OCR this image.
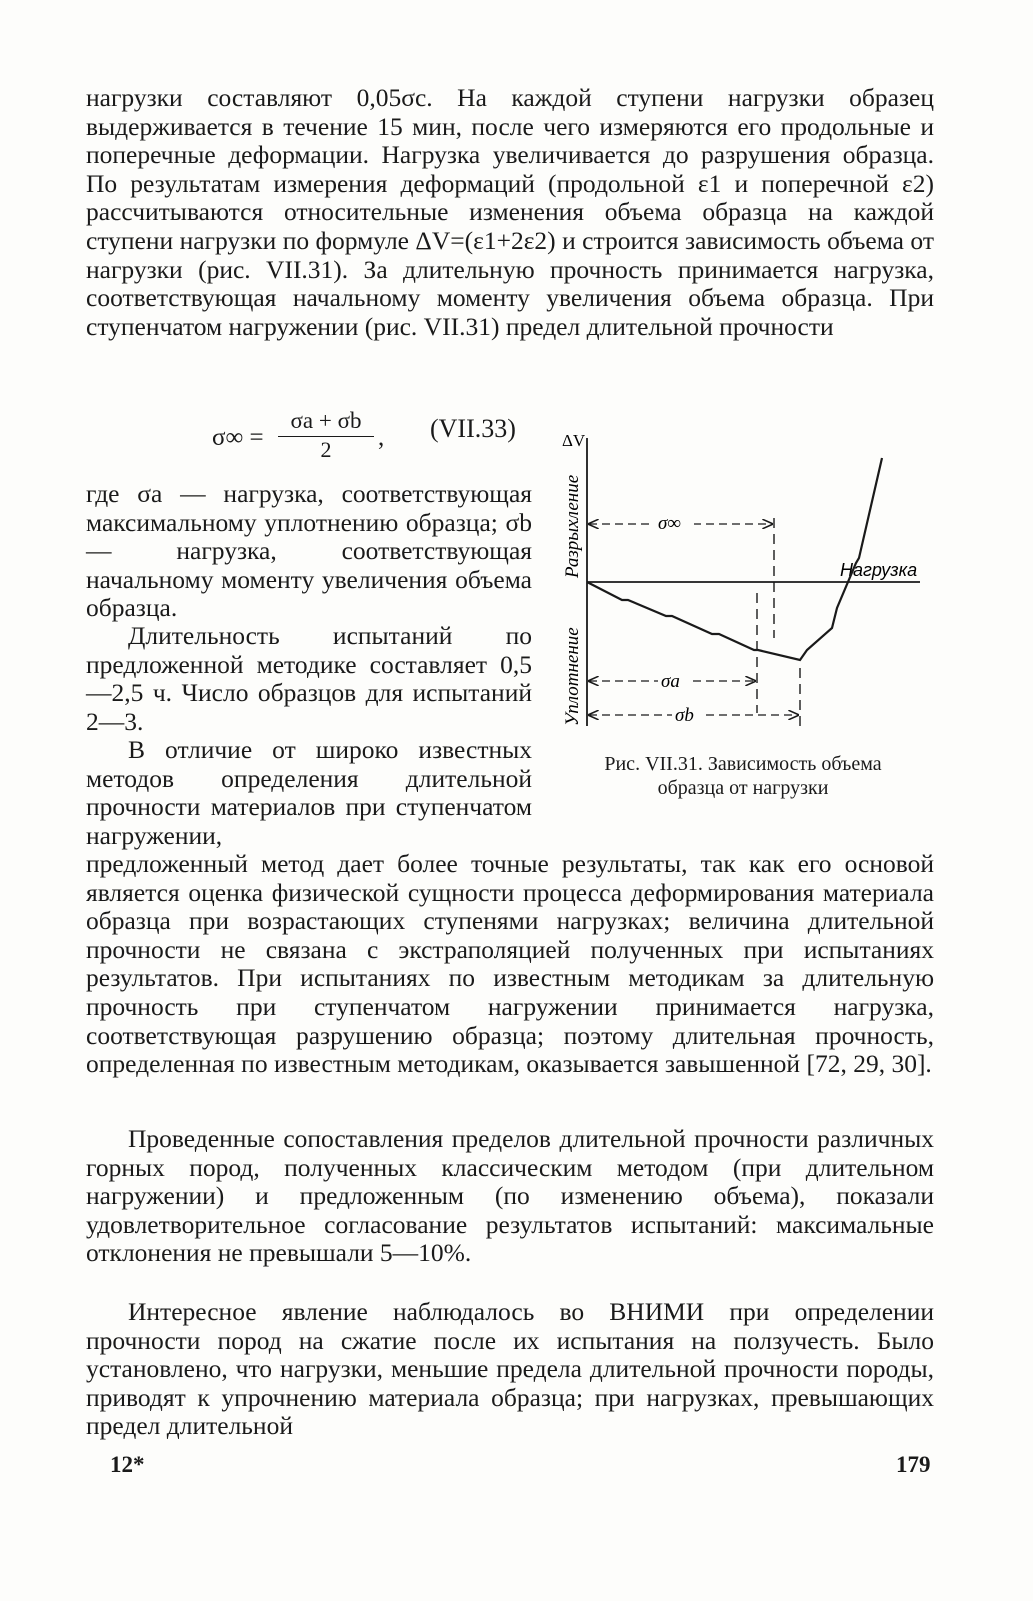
нагрузки составляют 0,05σc. На каждой ступени нагрузки образец выдерживается в течение 15 мин, после чего измеряются его продольные и поперечные деформации. Нагрузка увеличивается до разрушения образца. По результатам измерения деформаций (продольной ε1 и поперечной ε2) рассчитываются относительные изменения объема образца на каждой ступени нагрузки по формуле ΔV=(ε1+2ε2) и строится зависимость объема от нагрузки (рис. VII.31). За длительную прочность принимается нагрузка, соответствующая начальному моменту увеличения объема образца. При ступенчатом нагружении (рис. VII.31) предел длительной прочности

$\sigma\infty = \frac{\sigma a + \sigma b}{2}$ , (VII.33)

где σa — нагрузка, соответствующая максимальному уплотнению образца; σb — нагрузка, соответствующая начальному моменту увеличения объема образца.

Длительность испытаний по предложенной методике составляет 0,5—2,5 ч. Число образцов для испытаний 2—3.

В отличие от широко известных методов определения длительной прочности материалов при ступенчатом нагружении,

предложенный метод дает более точные результаты, так как его основой является оценка физической сущности процесса деформирования материала образца при возрастающих ступенями нагрузках; величина длительной прочности не связана с экстраполяцией полученных при испытаниях результатов. При испытаниях по известным методикам за длительную прочность при ступенчатом нагружении принимается нагрузка, соответствующая разрушению образца; поэтому длительная прочность, определенная по известным методикам, оказывается завышенной [72, 29, 30].

Проведенные сопоставления пределов длительной прочности различных горных пород, полученных классическим методом (при длительном нагружении) и предложенным (по изменению объема), показали удовлетворительное согласование результатов испытаний: максимальные отклонения не превышали 5—10%.

Интересное явление наблюдалось во ВНИМИ при определении прочности пород на сжатие после их испытания на ползучесть. Было установлено, что нагрузки, меньшие предела длительной прочности породы, приводят к упрочнению материала образца; при нагрузках, превышающих предел длительной

ΔV
Разрыхление
Уплотнение
Нагрузка
σ∞
σa
σb
Рис. VII.31. Зависимость объема
образца от нагрузки
12*	179
